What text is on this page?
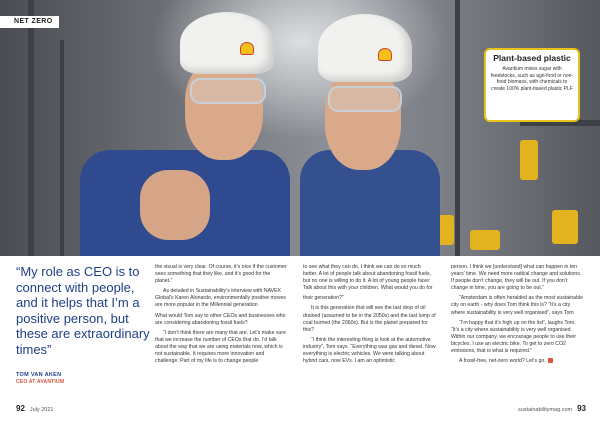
NET ZERO

Plant-based plastic

Avantium mixes sugar with feedstocks, such as agri-food or non-food biomass, with chemicals to create 100% plant-based plastic PLF

“My role as CEO is to connect with people, and it helps that I’m a positive person, but these are extraordinary times”

TOM VAN AKEN

CEO AT AVANTIUM

the visual is very clear. Of course, it’s nice if the customer sees something that they like, and it’s good for the planet.”

As detailed in Sustainability’s interview with NAVEX Global’s Karen Alonardo, environmentally positive moves are more popular in the Millennial generation

What would Tom say to other CEOs and businesses who are considering abandoning fossil fuels?

“I don’t think there are many that are. Let’s make sure that we increase the number of CEOs that do. I’d talk about the way that we are using materials now, which is not sustainable. It requires more innovation and challenge. Part of my life is to change people

to see what they can do. I think we can do so much better. A lot of people talk about abandoning fossil fuels, but no one is willing to do it. A lot of young people have: Talk about this with your children. What would you do for

their generation?”

It is this generation that will see the last drop of oil drained (assumed to be in the 2050s) and the last lump of coal burned (the 2060s). But is the planet prepared for this?

“I think the interesting thing is look at the automotive industry”, Tom says. “Everything was gas and diesel. Now everything is electric vehicles. We were talking about hybrid cars, now EVs. I am an optimistic

person. I think we [understand] what can happen in ten years’ time. We need more radical change and solutions. If people don’t change, they will be out. If you don’t change in time, you are going to be out.”

“Amsterdam is often heralded as the most sustainable city on earth - why does Tom think this is? “It’s a city where sustainability is very well organised”, says Tom

“I’m happy that it’s high up on the list”, laughs Tom. “It’s a city where sustainability is very well organised. Within our company, we encourage people to use their bicycles. I use an electric bike. To get to zero CO2 emissions, that is what is required.”

A fossil-free, net-zero world? Let’s go.

92 July 2021	sustainabilitymag.com 93
